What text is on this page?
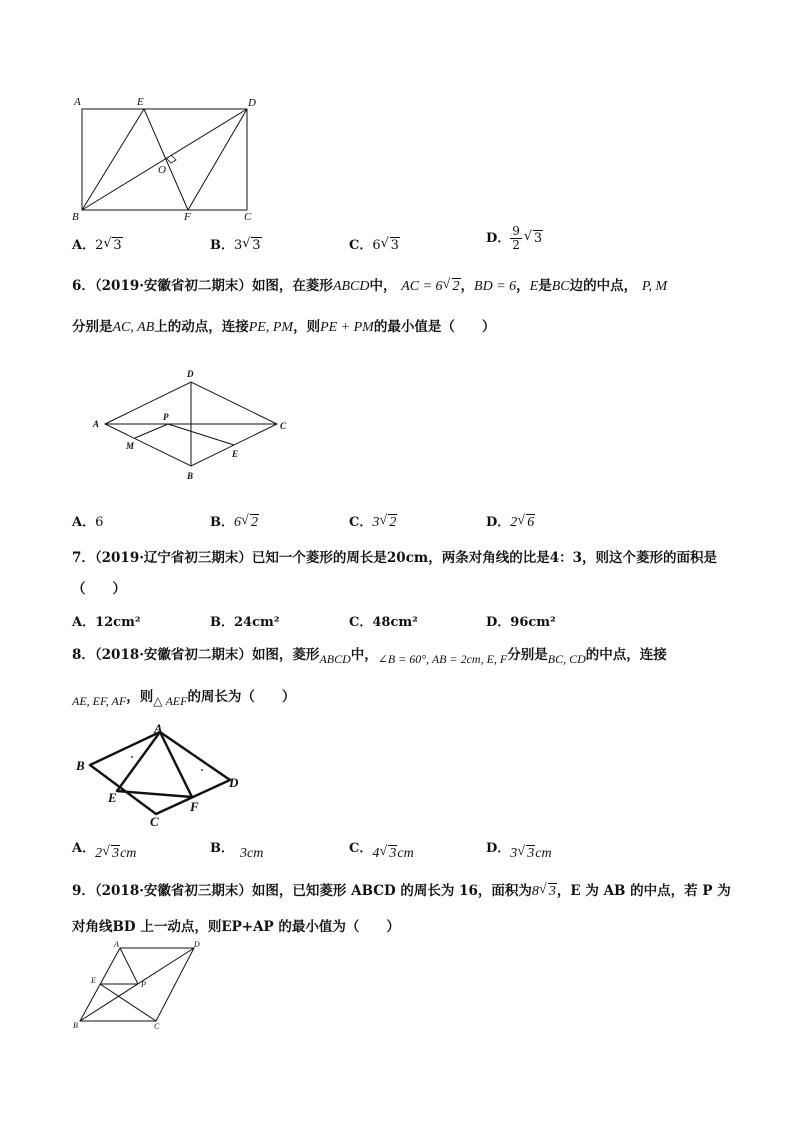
A	E	D
O
B	F	C
A．2 √ 3	B．3 √ 3	C．6 √ 3	D． $\frac{9}{2}$ √ 3
6．（2019·安徽省初二期末）如图，在菱形ABCD中， AC = 6 √ 2，BD = 6，E是BC边的中点， P, M
分别是AC, AB上的动点，连接PE, PM，则PE + PM的最小值是（　　）
D
A
P
C
M
E
B
A．6	B．6 √ 2	C．3 √ 2	D．2 √ 6
7．（2019·辽宁省初三期末）已知一个菱形的周长是20cm，两条对角线的比是4：3，则这个菱形的面积是
（　　）
A．12cm²	B．24cm²	C．48cm²	D．96cm²
8．（2018·安徽省初二期末）如图，菱形ABCD中，∠B = 60°, AB = 2cm, E, F分别是BC, CD的中点，连接
AE, EF, AF，则△ AEF的周长为（　　）
A
B
D
E
F
C
A．2 √ 3cm	B． 3cm	C．4 √ 3cm	D．3 √ 3cm
9．（2018·安徽省初三期末）如图，已知菱形 ABCD 的周长为 16，面积为8 √ 3，E 为 AB 的中点，若 P 为
对角线BD 上一动点，则EP+AP 的最小值为（　　）
A	D
E	P
B	C
